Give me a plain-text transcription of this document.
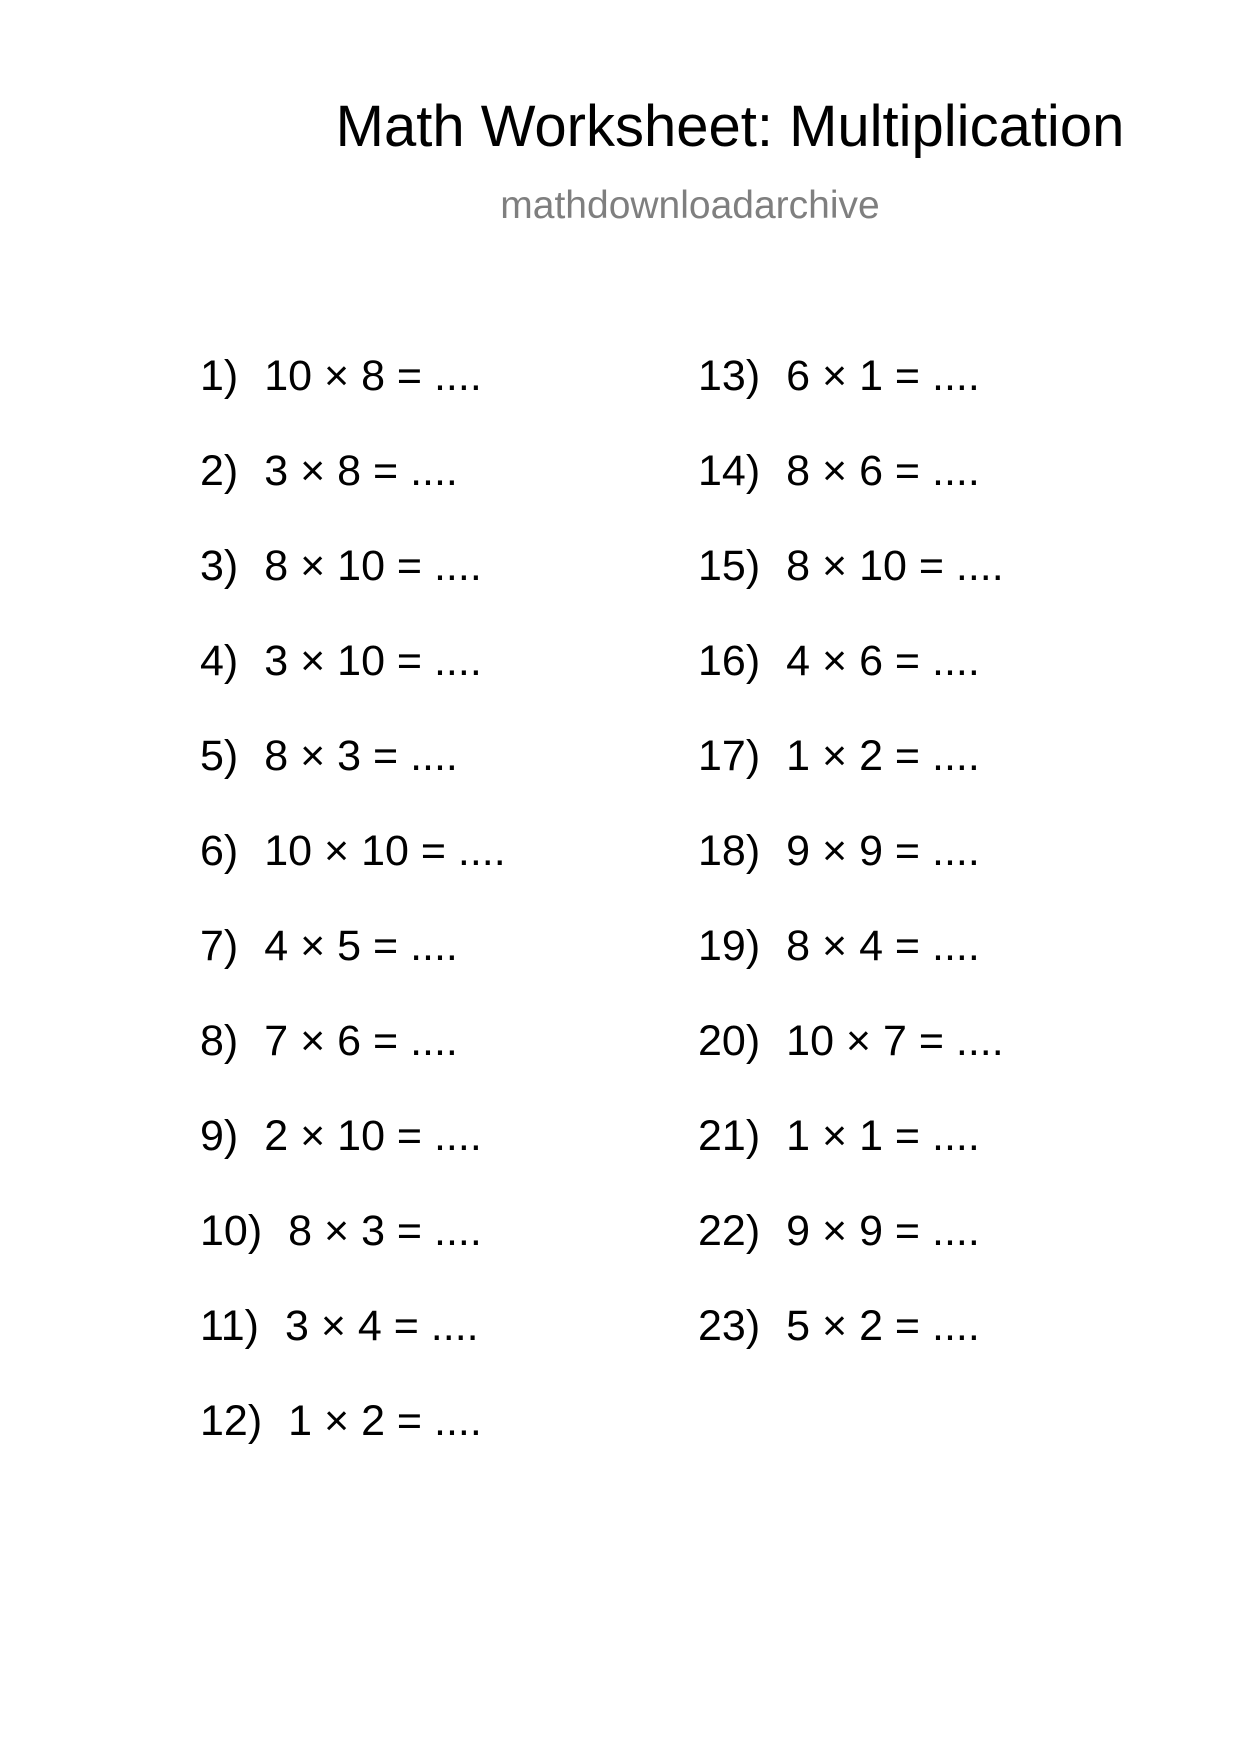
Math Worksheet: Multiplication
mathdownloadarchive
1) 10 × 8 = ....
2) 3 × 8 = ....
3) 8 × 10 = ....
4) 3 × 10 = ....
5) 8 × 3 = ....
6) 10 × 10 = ....
7) 4 × 5 = ....
8) 7 × 6 = ....
9) 2 × 10 = ....
10) 8 × 3 = ....
11) 3 × 4 = ....
12) 1 × 2 = ....
13) 6 × 1 = ....
14) 8 × 6 = ....
15) 8 × 10 = ....
16) 4 × 6 = ....
17) 1 × 2 = ....
18) 9 × 9 = ....
19) 8 × 4 = ....
20) 10 × 7 = ....
21) 1 × 1 = ....
22) 9 × 9 = ....
23) 5 × 2 = ....
